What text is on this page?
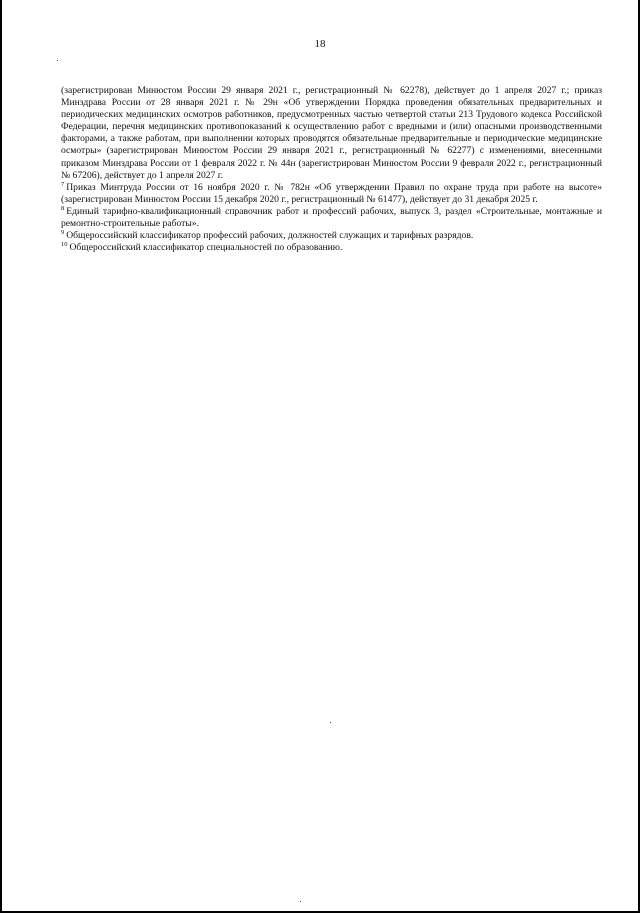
18

(зарегистрирован Минюстом России 29 января 2021 г., регистрационный № 62278), действует до 1 апреля 2027 г.; приказ Минздрава России от 28 января 2021 г. № 29н «Об утверждении Порядка проведения обязательных предварительных и периодических медицинских осмотров работников, предусмотренных частью четвертой статьи 213 Трудового кодекса Российской Федерации, перечня медицинских противопоказаний к осуществлению работ с вредными и (или) опасными производственными факторами, а также работам, при выполнении которых проводятся обязательные предварительные и периодические медицинские осмотры» (зарегистрирован Минюстом России 29 января 2021 г., регистрационный № 62277) с изменениями, внесенными приказом Минздрава России от 1 февраля 2022 г. № 44н (зарегистрирован Минюстом России 9 февраля 2022 г., регистрационный № 67206), действует до 1 апреля 2027 г.

$^7$ Приказ Минтруда России от 16 ноября 2020 г. № 782н «Об утверждении Правил по охране труда при работе на высоте» (зарегистрирован Минюстом России 15 декабря 2020 г., регистрационный № 61477), действует до 31 декабря 2025 г.

$^8$ Единый тарифно-квалификационный справочник работ и профессий рабочих, выпуск 3, раздел «Строительные, монтажные и ремонтно-строительные работы».

$^9$ Общероссийский классификатор профессий рабочих, должностей служащих и тарифных разрядов.

$^{10}$ Общероссийский классификатор специальностей по образованию.
